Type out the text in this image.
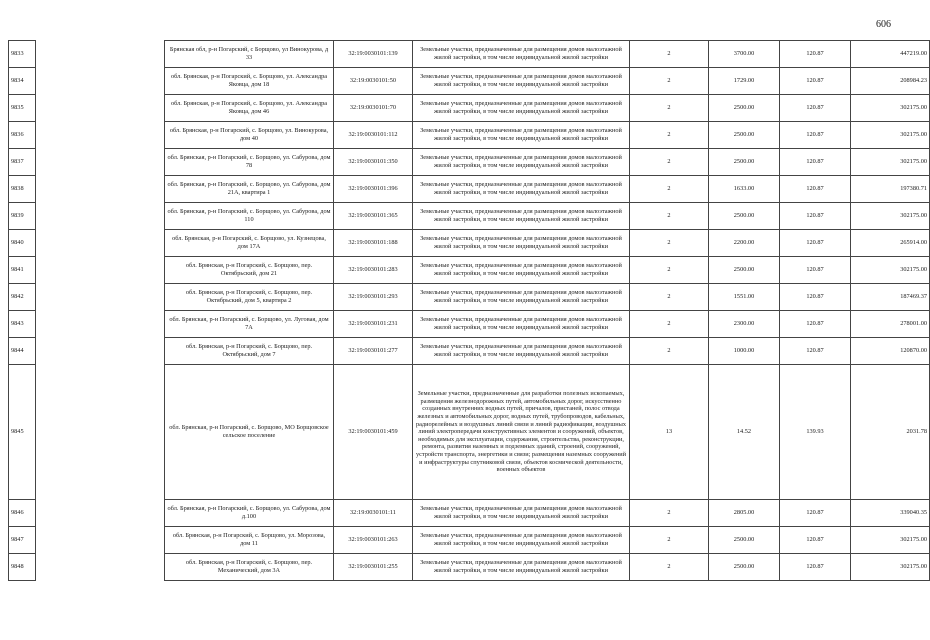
606
9833		Брянская обл, р-н Погарский, с Борщово, ул Винокурова, д 33	32:19:0030101:139	Земельные участки, предназначенные для размещения домов малоэтажной жилой застройки, в том числе индивидуальной жилой застройки	2	3700.00	120.87	447219.00
9834		обл. Брянская, р-н Погарский, с. Борщово, ул. Александра Яковца, дом 18	32:19:0030101:50	Земельные участки, предназначенные для размещения домов малоэтажной жилой застройки, в том числе индивидуальной жилой застройки	2	1729.00	120.87	208984.23
9835		обл. Брянская, р-н Погарский, с. Борщово, ул. Александра Яковца, дом 46	32:19:0030101:70	Земельные участки, предназначенные для размещения домов малоэтажной жилой застройки, в том числе индивидуальной жилой застройки	2	2500.00	120.87	302175.00
9836		обл. Брянская, р-н Погарский, с. Борщово, ул. Винокурова, дом 40	32:19:0030101:112	Земельные участки, предназначенные для размещения домов малоэтажной жилой застройки, в том числе индивидуальной жилой застройки	2	2500.00	120.87	302175.00
9837		обл. Брянская, р-н Погарский, с. Борщово, ул. Сабурова, дом 78	32:19:0030101:350	Земельные участки, предназначенные для размещения домов малоэтажной жилой застройки, в том числе индивидуальной жилой застройки	2	2500.00	120.87	302175.00
9838		обл. Брянская, р-н Погарский, с. Борщово, ул. Сабурова, дом 21А, квартира 1	32:19:0030101:396	Земельные участки, предназначенные для размещения домов малоэтажной жилой застройки, в том числе индивидуальной жилой застройки	2	1633.00	120.87	197380.71
9839		обл. Брянская, р-н Погарский, с. Борщово, ул. Сабурова, дом 110	32:19:0030101:365	Земельные участки, предназначенные для размещения домов малоэтажной жилой застройки, в том числе индивидуальной жилой застройки	2	2500.00	120.87	302175.00
9840		обл. Брянская, р-н Погарский, с. Борщово, ул. Кузнецова, дом 17А	32:19:0030101:188	Земельные участки, предназначенные для размещения домов малоэтажной жилой застройки, в том числе индивидуальной жилой застройки	2	2200.00	120.87	265914.00
9841		обл. Брянская, р-н Погарский, с. Борщово, пер. Октябрьский, дом 21	32:19:0030101:283	Земельные участки, предназначенные для размещения домов малоэтажной жилой застройки, в том числе индивидуальной жилой застройки	2	2500.00	120.87	302175.00
9842		обл. Брянская, р-н Погарский, с. Борщово, пер. Октябрьский, дом 5, квартира 2	32:19:0030101:293	Земельные участки, предназначенные для размещения домов малоэтажной жилой застройки, в том числе индивидуальной жилой застройки	2	1551.00	120.87	187469.37
9843		обл. Брянская, р-н Погарский, с. Борщово, ул. Луговая, дом 7А	32:19:0030101:231	Земельные участки, предназначенные для размещения домов малоэтажной жилой застройки, в том числе индивидуальной жилой застройки	2	2300.00	120.87	278001.00
9844		обл. Брянская, р-н Погарский, с. Борщово, пер. Октябрьский, дом 7	32:19:0030101:277	Земельные участки, предназначенные для размещения домов малоэтажной жилой застройки, в том числе индивидуальной жилой застройки	2	1000.00	120.87	120870.00
9845		обл. Брянская, р-н Погарский, с. Борщово, МО Борщовское сельское поселение	32:19:0030101:459	Земельные участки, предназначенные для разработки полезных ископаемых, размещения железнодорожных путей, автомобильных дорог, искусственно созданных внутренних водных путей, причалов, пристаней, полос отвода железных и автомобильных дорог, водных путей, трубопроводов, кабельных, радиорелейных и воздушных линий связи и линий радиофикации, воздушных линий электропередачи конструктивных элементов и сооружений, объектов, необходимых для эксплуатации, содержания, строительства, реконструкции, ремонта, развития наземных и подземных зданий, строений, сооружений, устройств транспорта, энергетики и связи; размещения наземных сооружений и инфраструктуры спутниковой связи, объектов космической деятельности, военных объектов	13	14.52	139.93	2031.78
9846		обл. Брянская, р-н Погарский, с. Борщово, ул. Сабурова, дом д.100	32:19:0030101:11	Земельные участки, предназначенные для размещения домов малоэтажной жилой застройки, в том числе индивидуальной жилой застройки	2	2805.00	120.87	339040.35
9847		обл. Брянская, р-н Погарский, с. Борщово, ул. Морозова, дом 11	32:19:0030101:263	Земельные участки, предназначенные для размещения домов малоэтажной жилой застройки, в том числе индивидуальной жилой застройки	2	2500.00	120.87	302175.00
9848		обл. Брянская, р-н Погарский, с. Борщово, пер. Механический, дом 3А	32:19:0030101:255	Земельные участки, предназначенные для размещения домов малоэтажной жилой застройки, в том числе индивидуальной жилой застройки	2	2500.00	120.87	302175.00
